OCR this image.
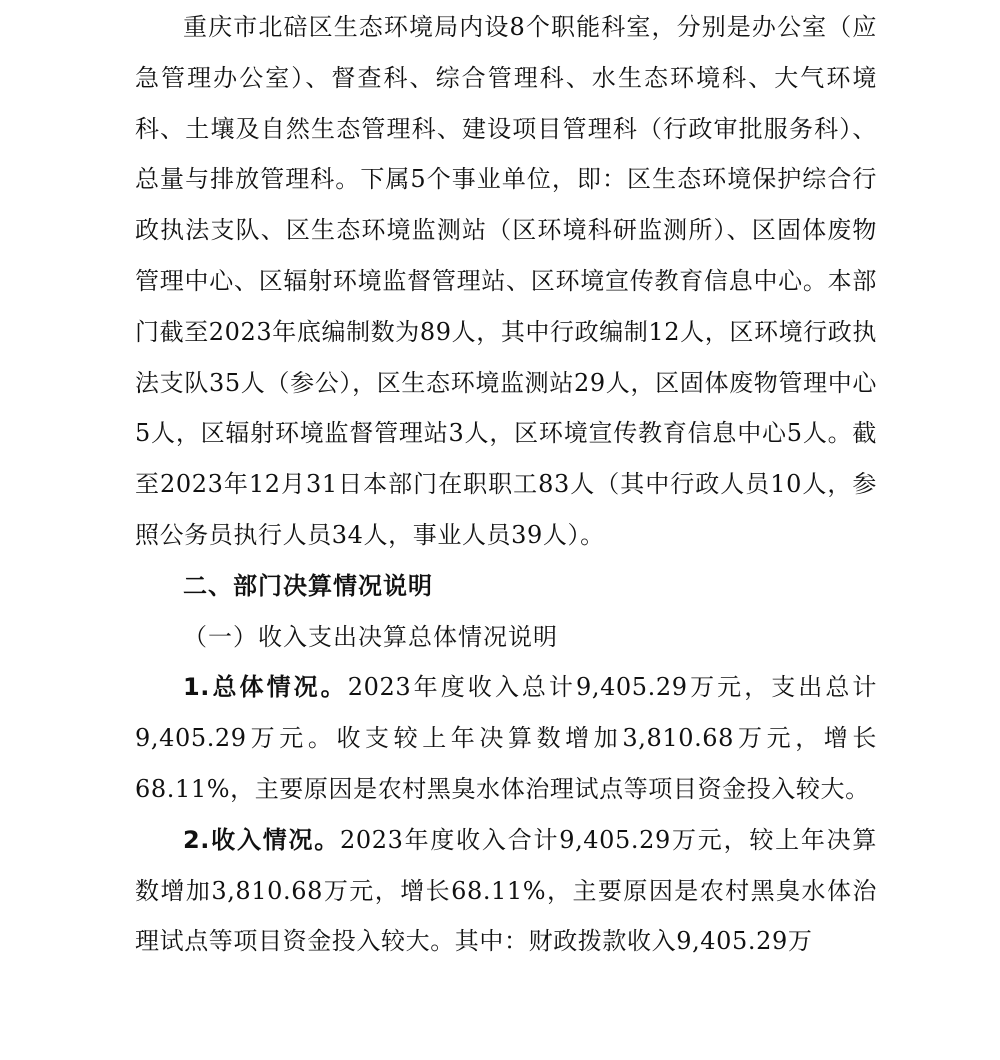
重庆市北碚区生态环境局内设8个职能科室，分别是办公室（应急管理办公室）、督查科、综合管理科、水生态环境科、大气环境科、土壤及自然生态管理科、建设项目管理科（行政审批服务科）、总量与排放管理科。下属5个事业单位，即：区生态环境保护综合行政执法支队、区生态环境监测站（区环境科研监测所）、区固体废物管理中心、区辐射环境监督管理站、区环境宣传教育信息中心。本部门截至2023年底编制数为89人，其中行政编制12人，区环境行政执法支队35人（参公），区生态环境监测站29人，区固体废物管理中心5人，区辐射环境监督管理站3人，区环境宣传教育信息中心5人。截至2023年12月31日本部门在职职工83人（其中行政人员10人，参照公务员执行人员34人，事业人员39人）。

二、部门决算情况说明

（一）收入支出决算总体情况说明

1.总体情况。2023年度收入总计9,405.29万元，支出总计9,405.29万元。收支较上年决算数增加3,810.68万元，增长68.11%，主要原因是农村黑臭水体治理试点等项目资金投入较大。

2.收入情况。2023年度收入合计9,405.29万元，较上年决算数增加3,810.68万元，增长68.11%，主要原因是农村黑臭水体治理试点等项目资金投入较大。其中：财政拨款收入9,405.29万
